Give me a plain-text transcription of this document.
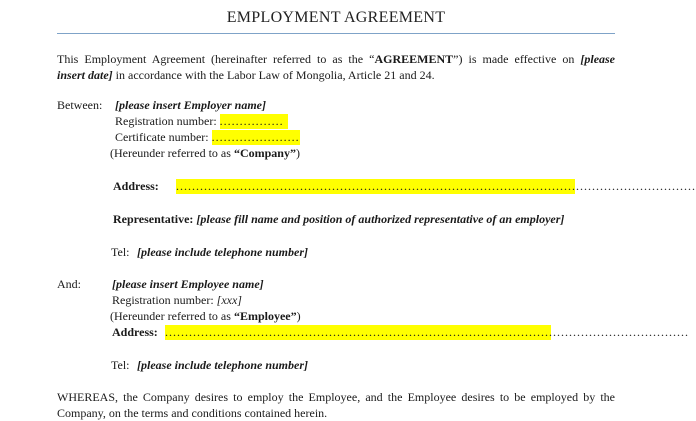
EMPLOYMENT AGREEMENT
This Employment Agreement (hereinafter referred to as the “AGREEMENT”) is made effective on [please
insert date] in accordance with the Labor Law of Mongolia, Article 21 and 24.
Between: [please insert Employer name]
Registration number: ................
Certificate number: ......................
(Hereunder referred to as “Company”)
Address: ..................................................................................................................................
Representative: [please fill name and position of authorized representative of an employer]
Tel: [please include telephone number]
And:	[please insert Employee name]
Registration number: [xxx]
(Hereunder referred to as “Employee”)
Address: ...................................................................................................................................
Tel: [please include telephone number]
WHEREAS, the Company desires to employ the Employee, and the Employee desires to be employed by the
Company, on the terms and conditions contained herein.
